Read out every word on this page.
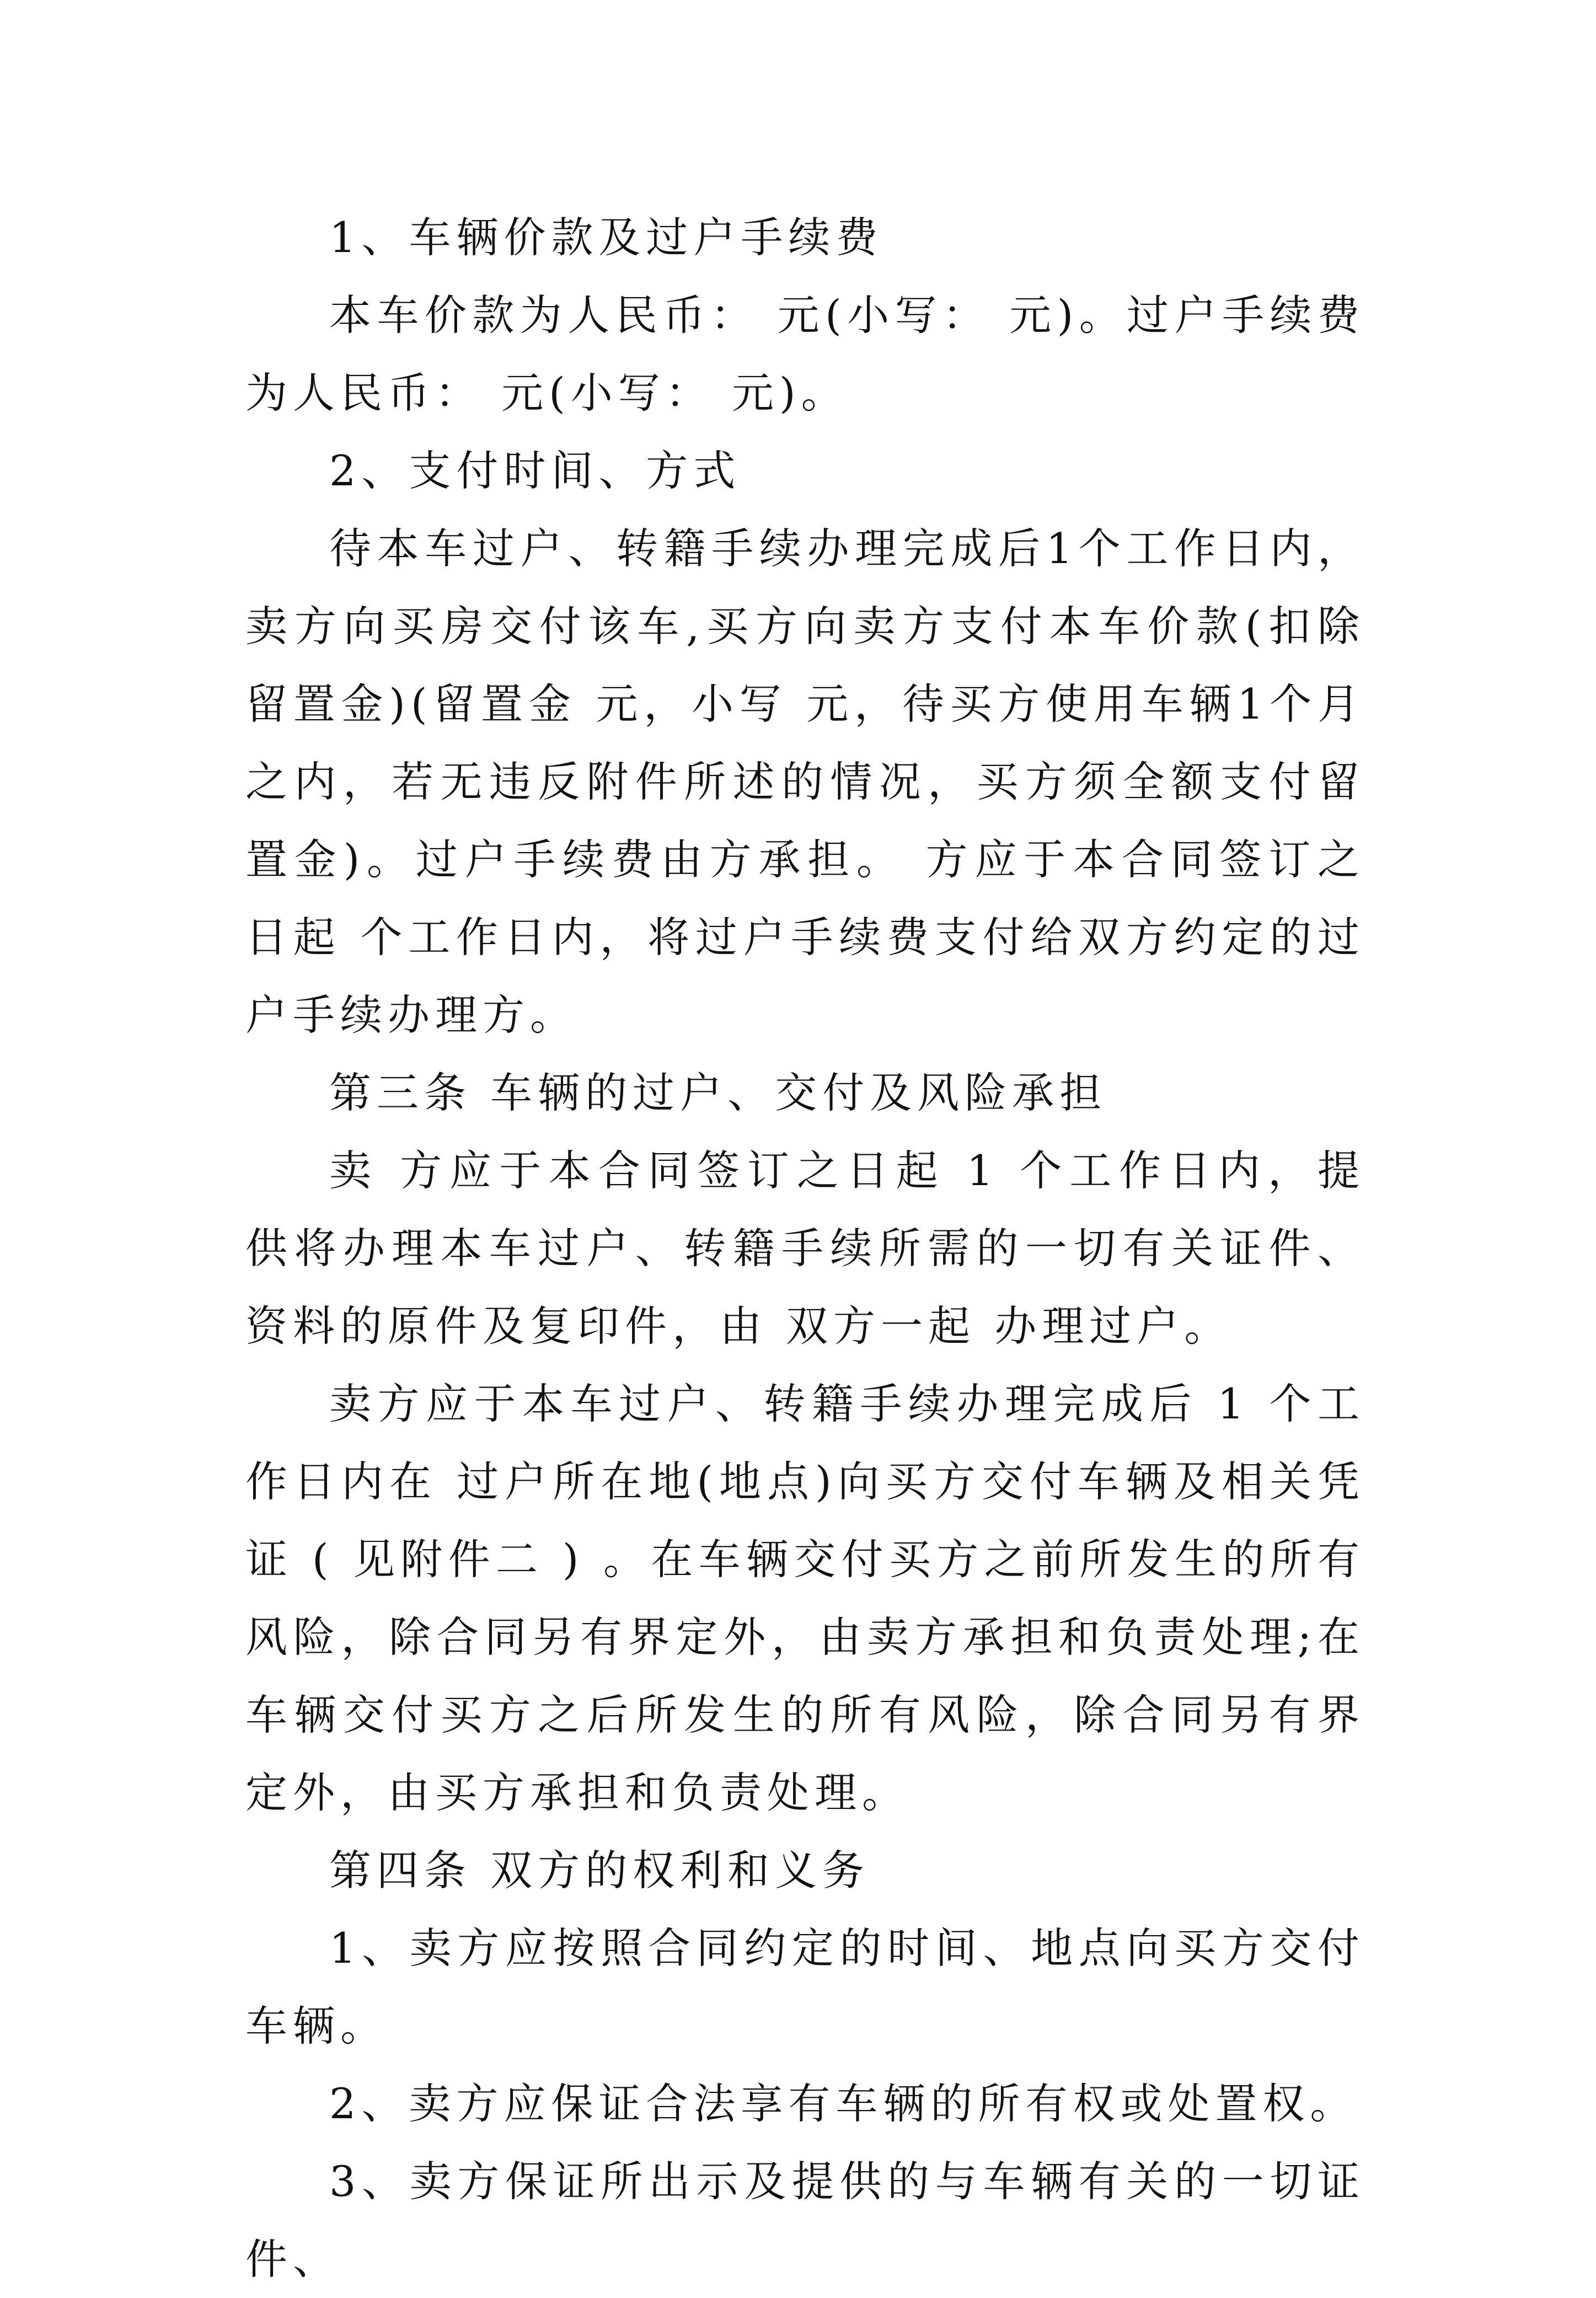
1、车辆价款及过户手续费

本车价款为人民币： 元(小写： 元)。过户手续费为人民币： 元(小写： 元)。

2、支付时间、方式

待本车过户、转籍手续办理完成后1个工作日内，卖方向买房交付该车,买方向卖方支付本车价款(扣除留置金)(留置金 元，小写 元，待买方使用车辆1个月之内，若无违反附件所述的情况，买方须全额支付留置金)。过户手续费由方承担。 方应于本合同签订之日起 个工作日内，将过户手续费支付给双方约定的过户手续办理方。

第三条 车辆的过户、交付及风险承担

卖 方应于本合同签订之日起 1 个工作日内，提供将办理本车过户、转籍手续所需的一切有关证件、资料的原件及复印件，由 双方一起 办理过户。

卖方应于本车过户、转籍手续办理完成后 1 个工作日内在 过户所在地(地点)向买方交付车辆及相关凭证 ( 见附件二 ) 。在车辆交付买方之前所发生的所有风险，除合同另有界定外，由卖方承担和负责处理;在车辆交付买方之后所发生的所有风险，除合同另有界定外，由买方承担和负责处理。

第四条 双方的权利和义务

1、卖方应按照合同约定的时间、地点向买方交付车辆。

2、卖方应保证合法享有车辆的所有权或处置权。

3、卖方保证所出示及提供的与车辆有关的一切证件、
